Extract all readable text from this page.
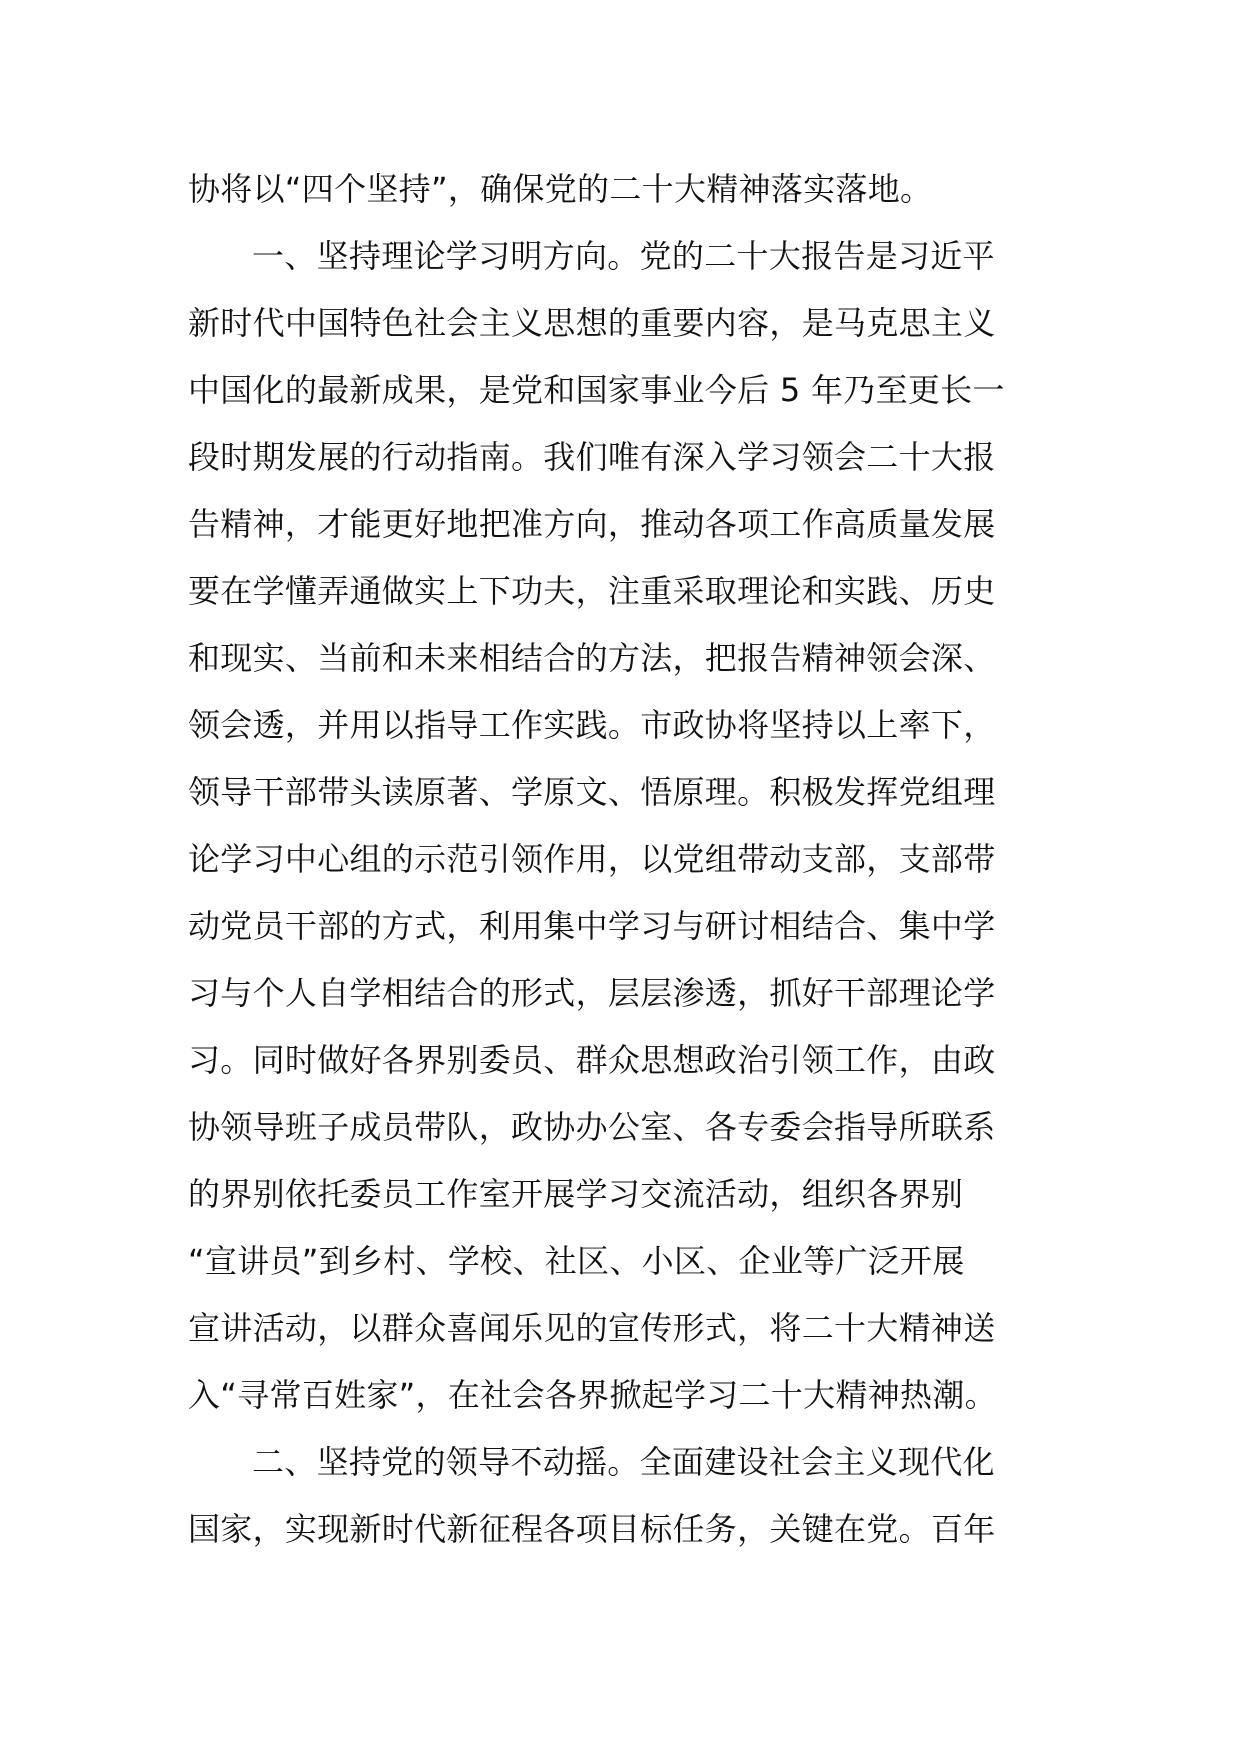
协将以“四个坚持”，确保党的二十大精神落实落地。
一、坚持理论学习明方向。党的二十大报告是习近平
新时代中国特色社会主义思想的重要内容，是马克思主义
中国化的最新成果，是党和国家事业今后 5 年乃至更长一
段时期发展的行动指南。我们唯有深入学习领会二十大报
告精神，才能更好地把准方向，推动各项工作高质量发展
要在学懂弄通做实上下功夫，注重采取理论和实践、历史
和现实、当前和未来相结合的方法，把报告精神领会深、
领会透，并用以指导工作实践。市政协将坚持以上率下，
领导干部带头读原著、学原文、悟原理。积极发挥党组理
论学习中心组的示范引领作用，以党组带动支部，支部带
动党员干部的方式，利用集中学习与研讨相结合、集中学
习与个人自学相结合的形式，层层渗透，抓好干部理论学
习。同时做好各界别委员、群众思想政治引领工作，由政
协领导班子成员带队，政协办公室、各专委会指导所联系
的界别依托委员工作室开展学习交流活动，组织各界别
“宣讲员”到乡村、学校、社区、小区、企业等广泛开展
宣讲活动，以群众喜闻乐见的宣传形式，将二十大精神送
入“寻常百姓家”，在社会各界掀起学习二十大精神热潮。
二、坚持党的领导不动摇。全面建设社会主义现代化
国家，实现新时代新征程各项目标任务，关键在党。百年
